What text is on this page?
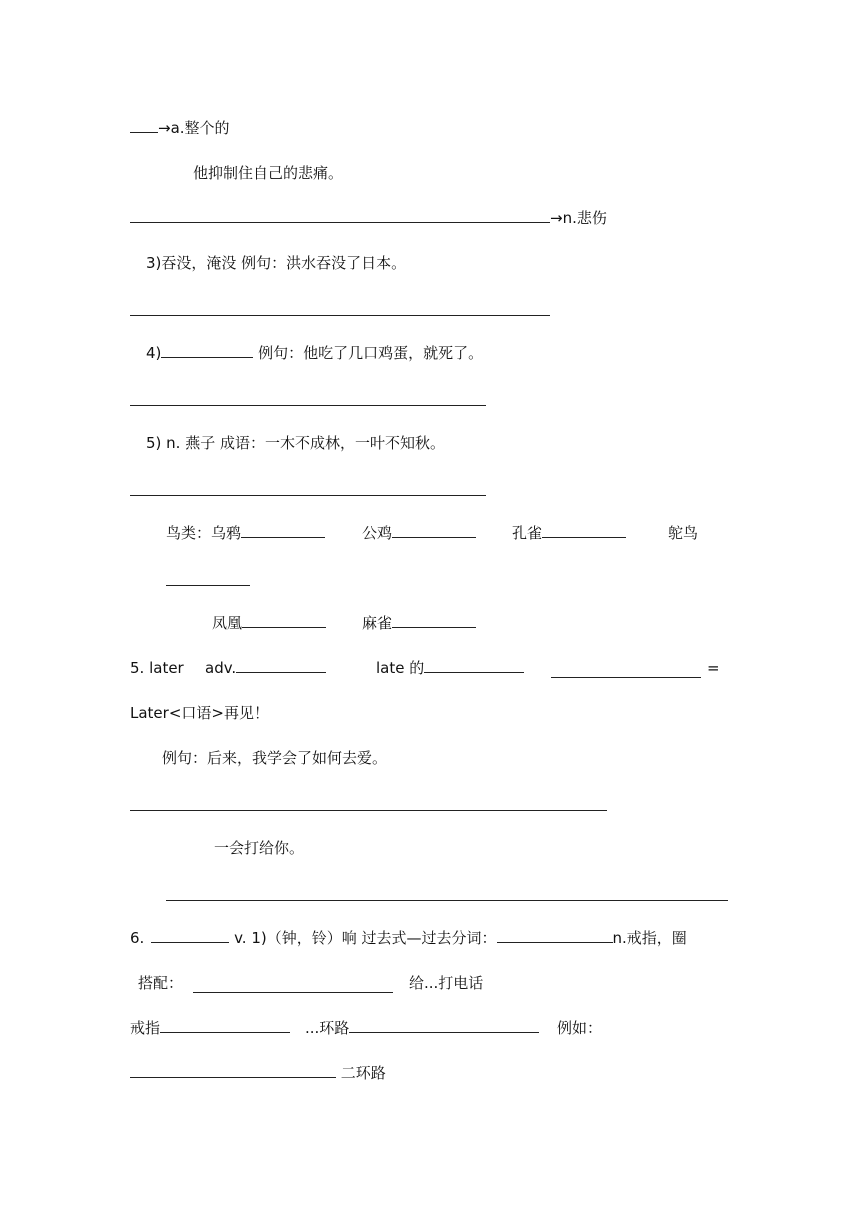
→a.整个的
他抑制住自己的悲痛。
→n.悲伤
3)吞没，淹没 例句：洪水吞没了日本。
4)	例句：他吃了几口鸡蛋，就死了。
5) n. 燕子 成语：一木不成林，一叶不知秋。
鸟类：乌鸦	公鸡	孔雀	鸵鸟
凤凰	麻雀
5. later adv.	late 的	=
Later<口语>再见！
例句：后来，我学会了如何去爱。
一会打给你。
6.	v. 1)（钟，铃）响 过去式—过去分词：	n.戒指，圈
搭配：	给...打电话
戒指	...环路	例如：
二环路
